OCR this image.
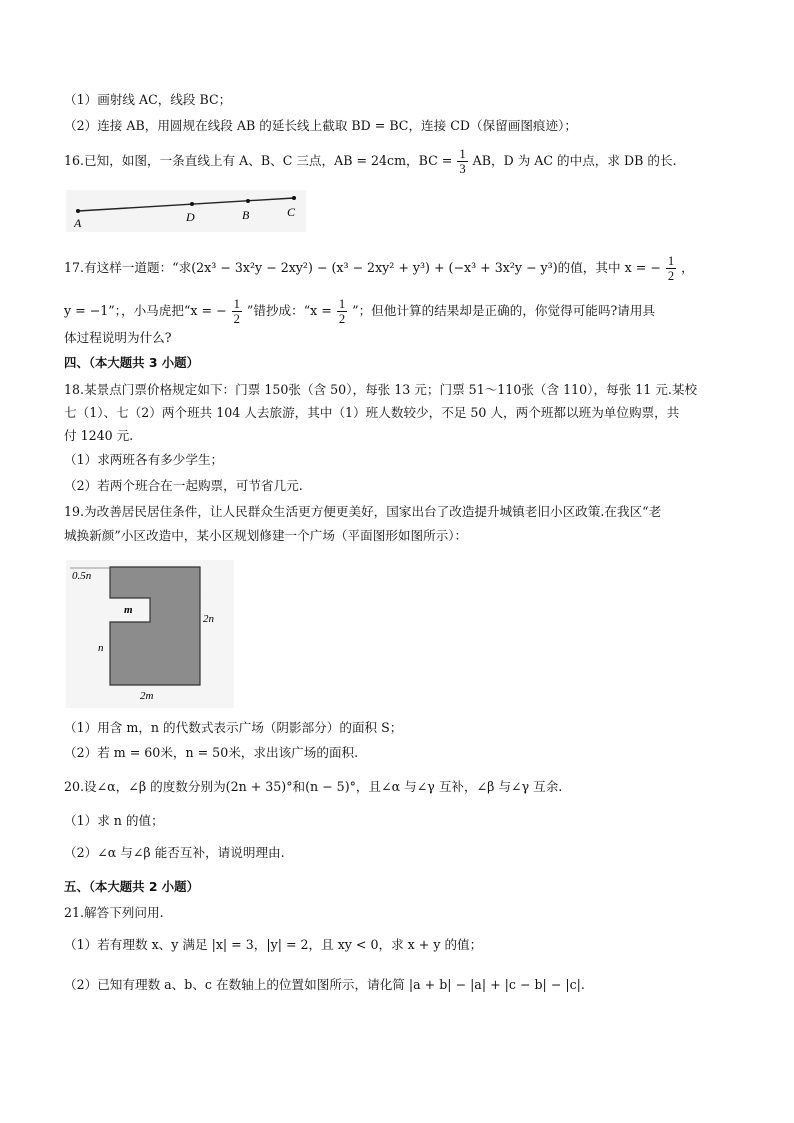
（1）画射线 AC，线段 BC；
（2）连接 AB，用圆规在线段 AB 的延长线上截取 BD = BC，连接 CD（保留画图痕迹）；
16.已知，如图，一条直线上有 A、B、C 三点，AB = 24cm，BC = $\frac{1}{3}$ AB，D 为 AC 的中点，求 DB 的长.
A	D	B	C
17.有这样一道题：“求(2x³ − 3x²y − 2xy²) − (x³ − 2xy² + y³) + (−x³ + 3x²y − y³)的值，其中 x = − $\frac{1}{2}$ ，
y = −1”；，小马虎把“x = − $\frac{1}{2}$ ”错抄成：“$x = \frac{1}{2}$ ”；但他计算的结果却是正确的，你觉得可能吗?请用具
体过程说明为什么?
四、（本大题共 3 小题）
18.某景点门票价格规定如下：门票 150张（含 50），每张 13 元；门票 51～110张（含 110），每张 11 元.某校
七（1）、七（2）两个班共 104 人去旅游，其中（1）班人数较少，不足 50 人，两个班都以班为单位购票，共
付 1240 元.
（1）求两班各有多少学生；
（2）若两个班合在一起购票，可节省几元.
19.为改善居民居住条件，让人民群众生活更方便更美好，国家出台了改造提升城镇老旧小区政策.在我区“老
城换新颜”小区改造中，某小区规划修建一个广场（平面图形如图所示）：
0.5n
m
2n
n
2m
（1）用含 m，n 的代数式表示广场（阴影部分）的面积 S；
（2）若 m = 60米，n = 50米，求出该广场的面积.
20.设∠α，∠β 的度数分别为(2n + 35)°和(n − 5)°，且∠α 与∠γ 互补，∠β 与∠γ 互余.
（1）求 n 的值；
（2）∠α 与∠β 能否互补，请说明理由.
五、（本大题共 2 小题）
21.解答下列问用.
（1）若有理数 x、y 满足 |x| = 3，|y| = 2，且 xy < 0，求 x + y 的值；
（2）已知有理数 a、b、c 在数轴上的位置如图所示，请化简 |a + b| − |a| + |c − b| − |c|.
